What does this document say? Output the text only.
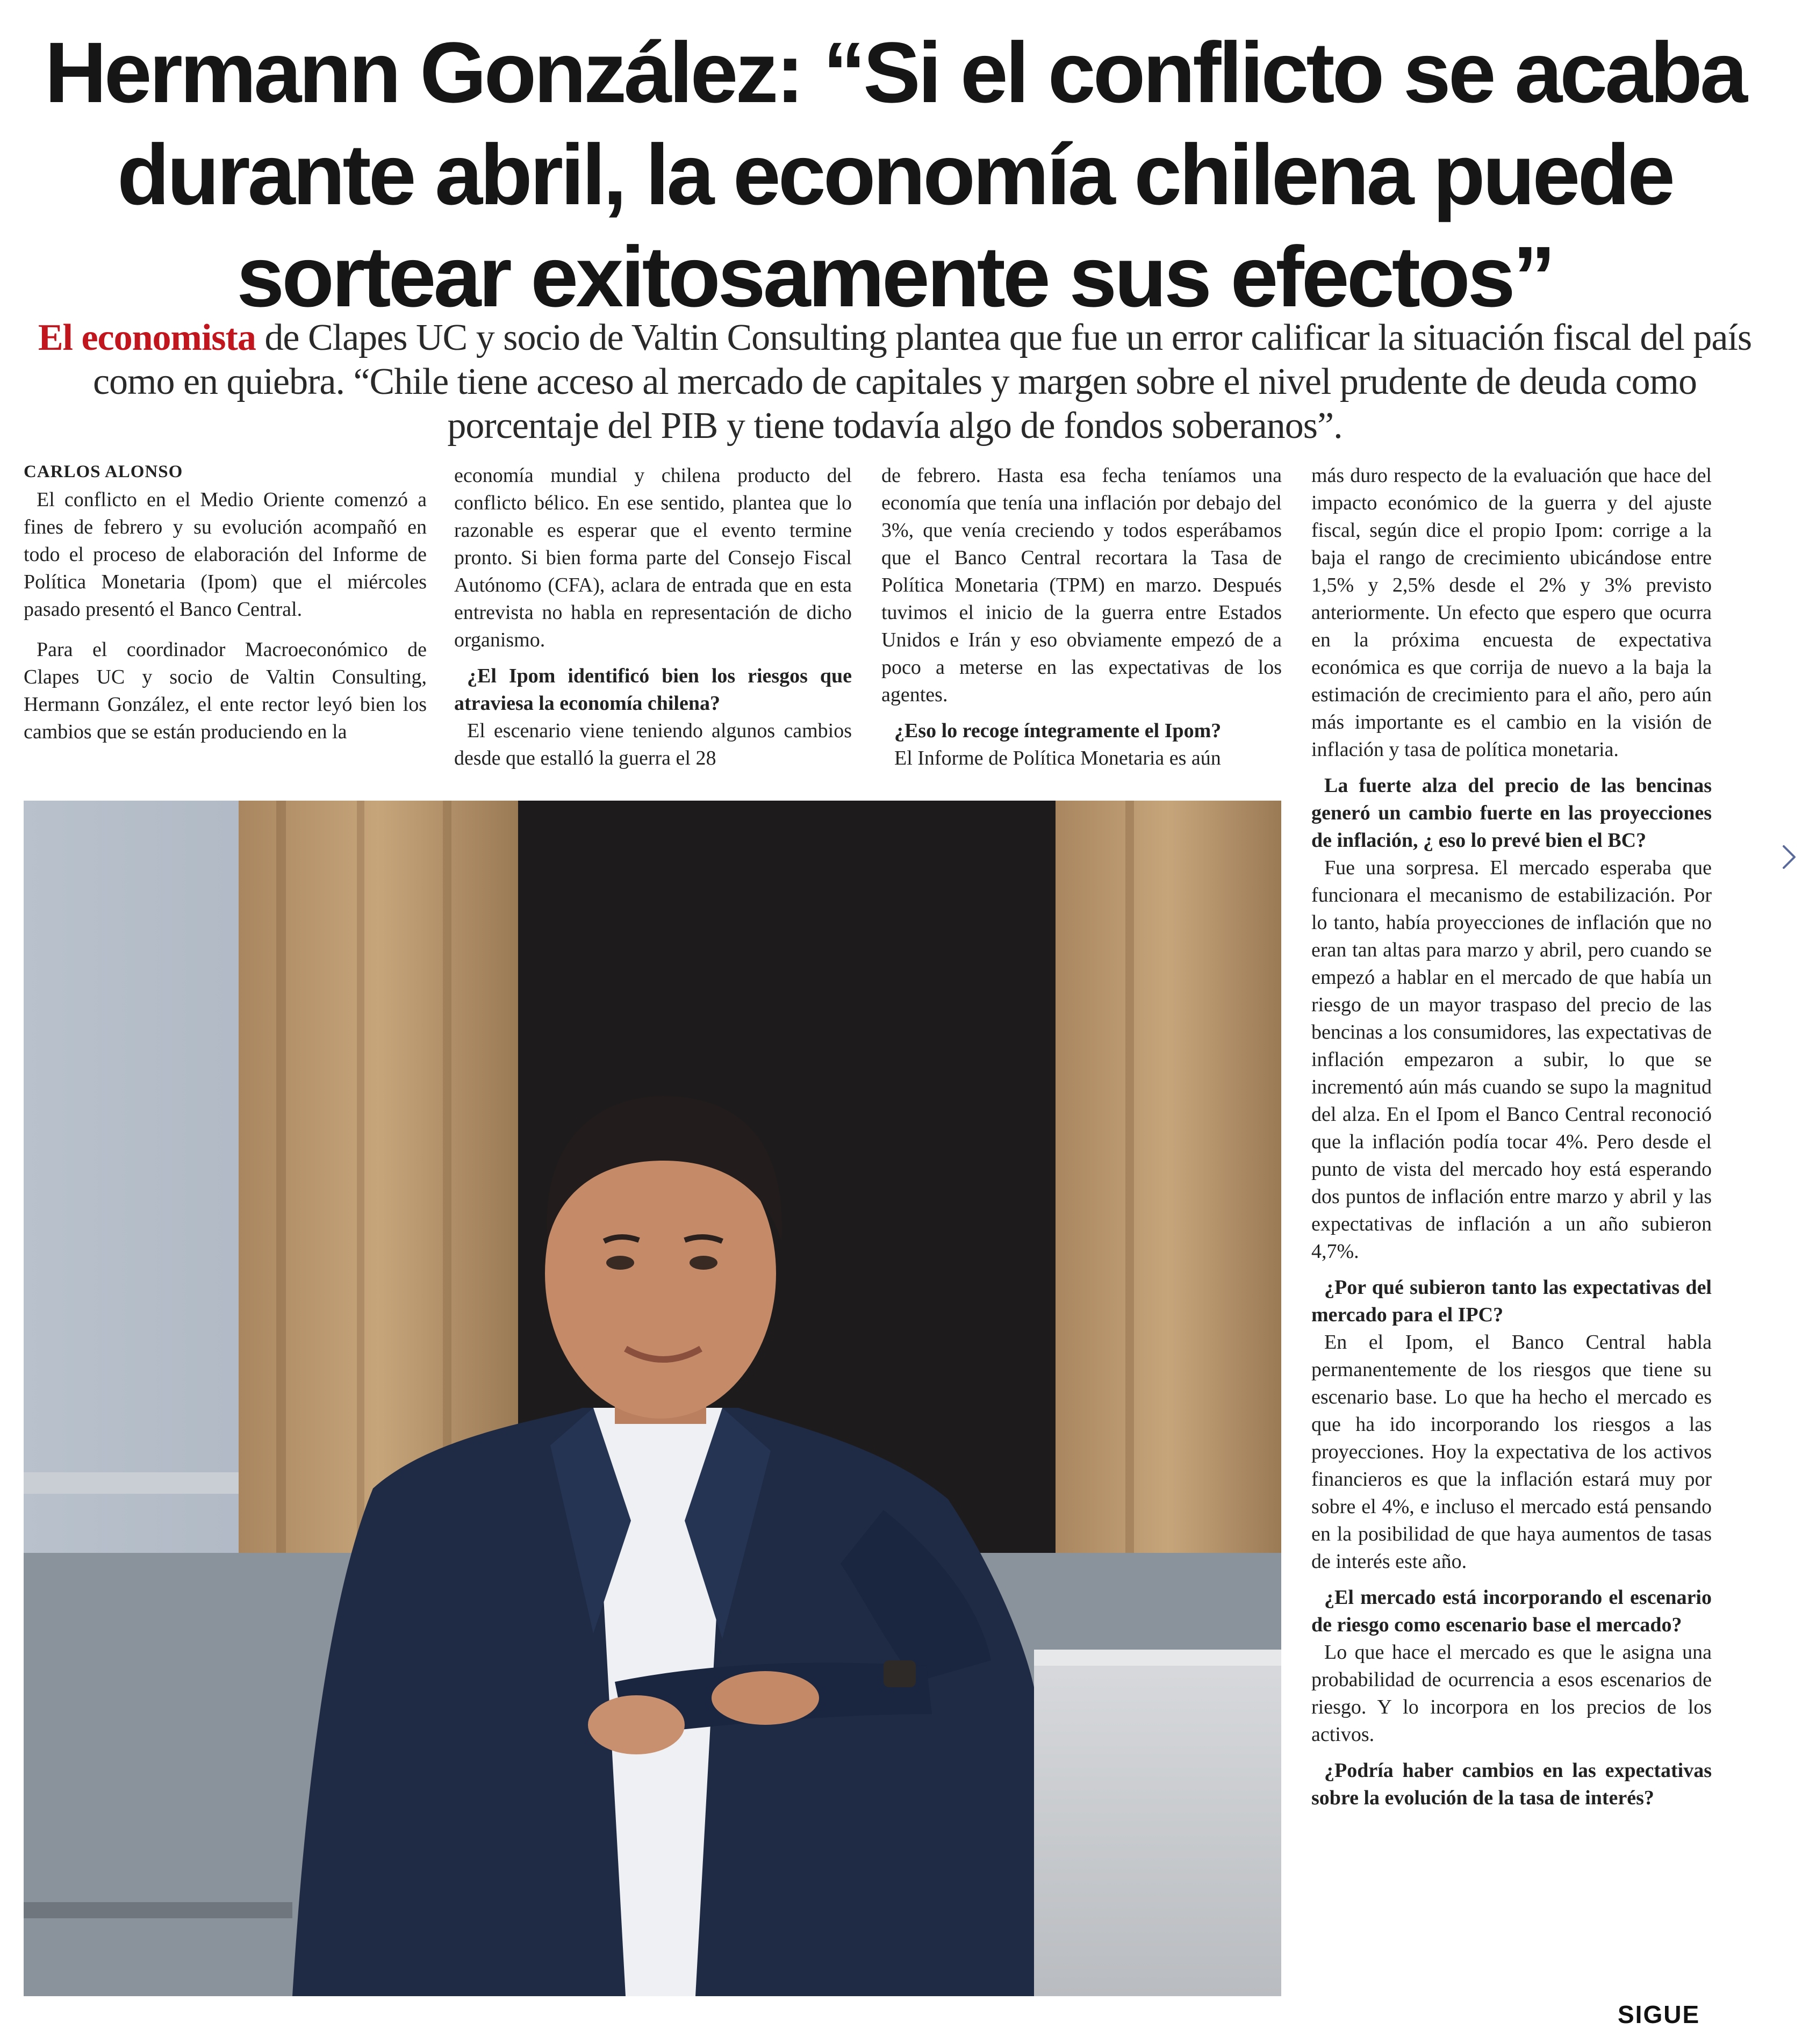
Hermann González: “Si el conflicto se acaba durante abril, la economía chilena puede sortear exitosamente sus efectos”
El economista de Clapes UC y socio de Valtin Consulting plantea que fue un error calificar la situación fiscal del país como en quiebra. “Chile tiene acceso al mercado de capitales y margen sobre el nivel prudente de deuda como porcentaje del PIB y tiene todavía algo de fondos soberanos”.
CARLOS ALONSO

El conflicto en el Medio Oriente comenzó a fines de febrero y su evolución acompañó en todo el proceso de elaboración del Informe de Política Monetaria (Ipom) que el miércoles pasado presentó el Banco Central.

Para el coordinador Macroeconómico de Clapes UC y socio de Valtin Consulting, Hermann González, el ente rector leyó bien los cambios que se están produciendo en la

economía mundial y chilena producto del conflicto bélico. En ese sentido, plantea que lo razonable es esperar que el evento termine pronto. Si bien forma parte del Consejo Fiscal Autónomo (CFA), aclara de entrada que en esta entrevista no habla en representación de dicho organismo.

¿El Ipom identificó bien los riesgos que atraviesa la economía chilena?

El escenario viene teniendo algunos cambios desde que estalló la guerra el 28

de febrero. Hasta esa fecha teníamos una economía que tenía una inflación por debajo del 3%, que venía creciendo y todos esperábamos que el Banco Central recortara la Tasa de Política Monetaria (TPM) en marzo. Después tuvimos el inicio de la guerra entre Estados Unidos e Irán y eso obviamente empezó de a poco a meterse en las expectativas de los agentes.

¿Eso lo recoge íntegramente el Ipom?

El Informe de Política Monetaria es aún

más duro respecto de la evaluación que hace del impacto económico de la guerra y del ajuste fiscal, según dice el propio Ipom: corrige a la baja el rango de crecimiento ubicándose entre 1,5% y 2,5% desde el 2% y 3% previsto anteriormente. Un efecto que espero que ocurra en la próxima encuesta de expectativa económica es que corrija de nuevo a la baja la estimación de crecimiento para el año, pero aún más importante es el cambio en la visión de inflación y tasa de política monetaria.

La fuerte alza del precio de las bencinas generó un cambio fuerte en las proyecciones de inflación, ¿ eso lo prevé bien el BC?

Fue una sorpresa. El mercado esperaba que funcionara el mecanismo de estabilización. Por lo tanto, había proyecciones de inflación que no eran tan altas para marzo y abril, pero cuando se empezó a hablar en el mercado de que había un riesgo de un mayor traspaso del precio de las bencinas a los consumidores, las expectativas de inflación empezaron a subir, lo que se incrementó aún más cuando se supo la magnitud del alza. En el Ipom el Banco Central reconoció que la inflación podía tocar 4%. Pero desde el punto de vista del mercado hoy está esperando dos puntos de inflación entre marzo y abril y las expectativas de inflación a un año subieron 4,7%.

¿Por qué subieron tanto las expectativas del mercado para el IPC?

En el Ipom, el Banco Central habla permanentemente de los riesgos que tiene su escenario base. Lo que ha hecho el mercado es que ha ido incorporando los riesgos a las proyecciones. Hoy la expectativa de los activos financieros es que la inflación estará muy por sobre el 4%, e incluso el mercado está pensando en la posibilidad de que haya aumentos de tasas de interés este año.

¿El mercado está incorporando el escenario de riesgo como escenario base el mercado?

Lo que hace el mercado es que le asigna una probabilidad de ocurrencia a esos escenarios de riesgo. Y lo incorpora en los precios de los activos.

¿Podría haber cambios en las expectativas sobre la evolución de la tasa de interés?

SIGUE
